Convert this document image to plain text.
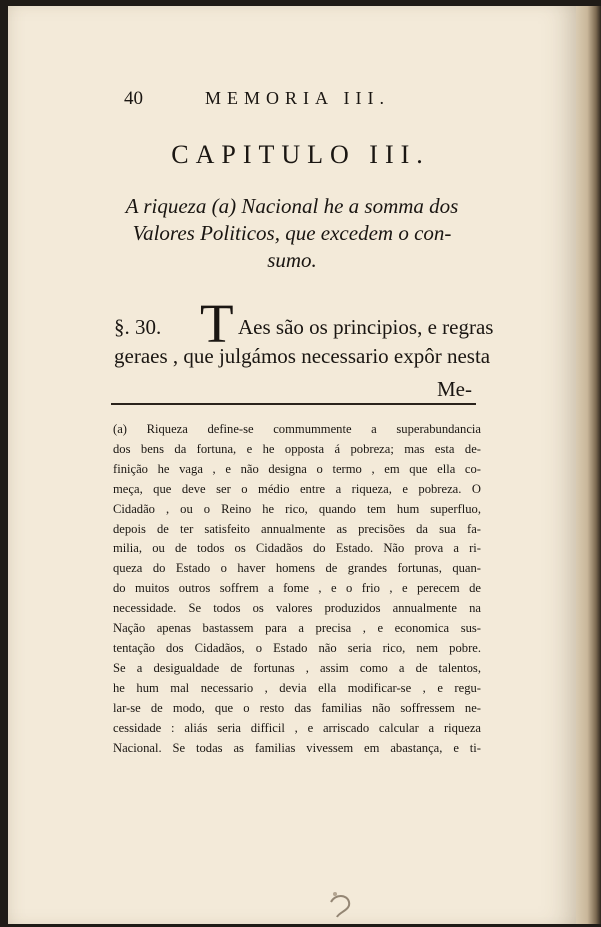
40	MEMORIA III.
CAPITULO III.
A riqueza (a) Nacional he a somma dos
Valores Politicos, que excedem o con-
sumo.
§. 30. T Aes são os principios, e regras
geraes , que julgámos necessario expôr nesta
Me-
(a) Riqueza define-se commummente a superabundancia
dos bens da fortuna, e he opposta á pobreza; mas esta de-
finição he vaga , e não designa o termo , em que ella co-
meça, que deve ser o médio entre a riqueza, e pobreza. O
Cidadão , ou o Reino he rico, quando tem hum superfluo,
depois de ter satisfeito annualmente as precisões da sua fa-
milia, ou de todos os Cidadãos do Estado. Não prova a ri-
queza do Estado o haver homens de grandes fortunas, quan-
do muitos outros soffrem a fome , e o frio , e perecem de
necessidade. Se todos os valores produzidos annualmente na
Nação apenas bastassem para a precisa , e economica sus-
tentação dos Cidadãos, o Estado não seria rico, nem pobre.
Se a desigualdade de fortunas , assim como a de talentos,
he hum mal necessario , devia ella modificar-se , e regu-
lar-se de modo, que o resto das familias não soffressem ne-
cessidade : aliás seria difficil , e arriscado calcular a riqueza
Nacional. Se todas as familias vivessem em abastança, e ti-
